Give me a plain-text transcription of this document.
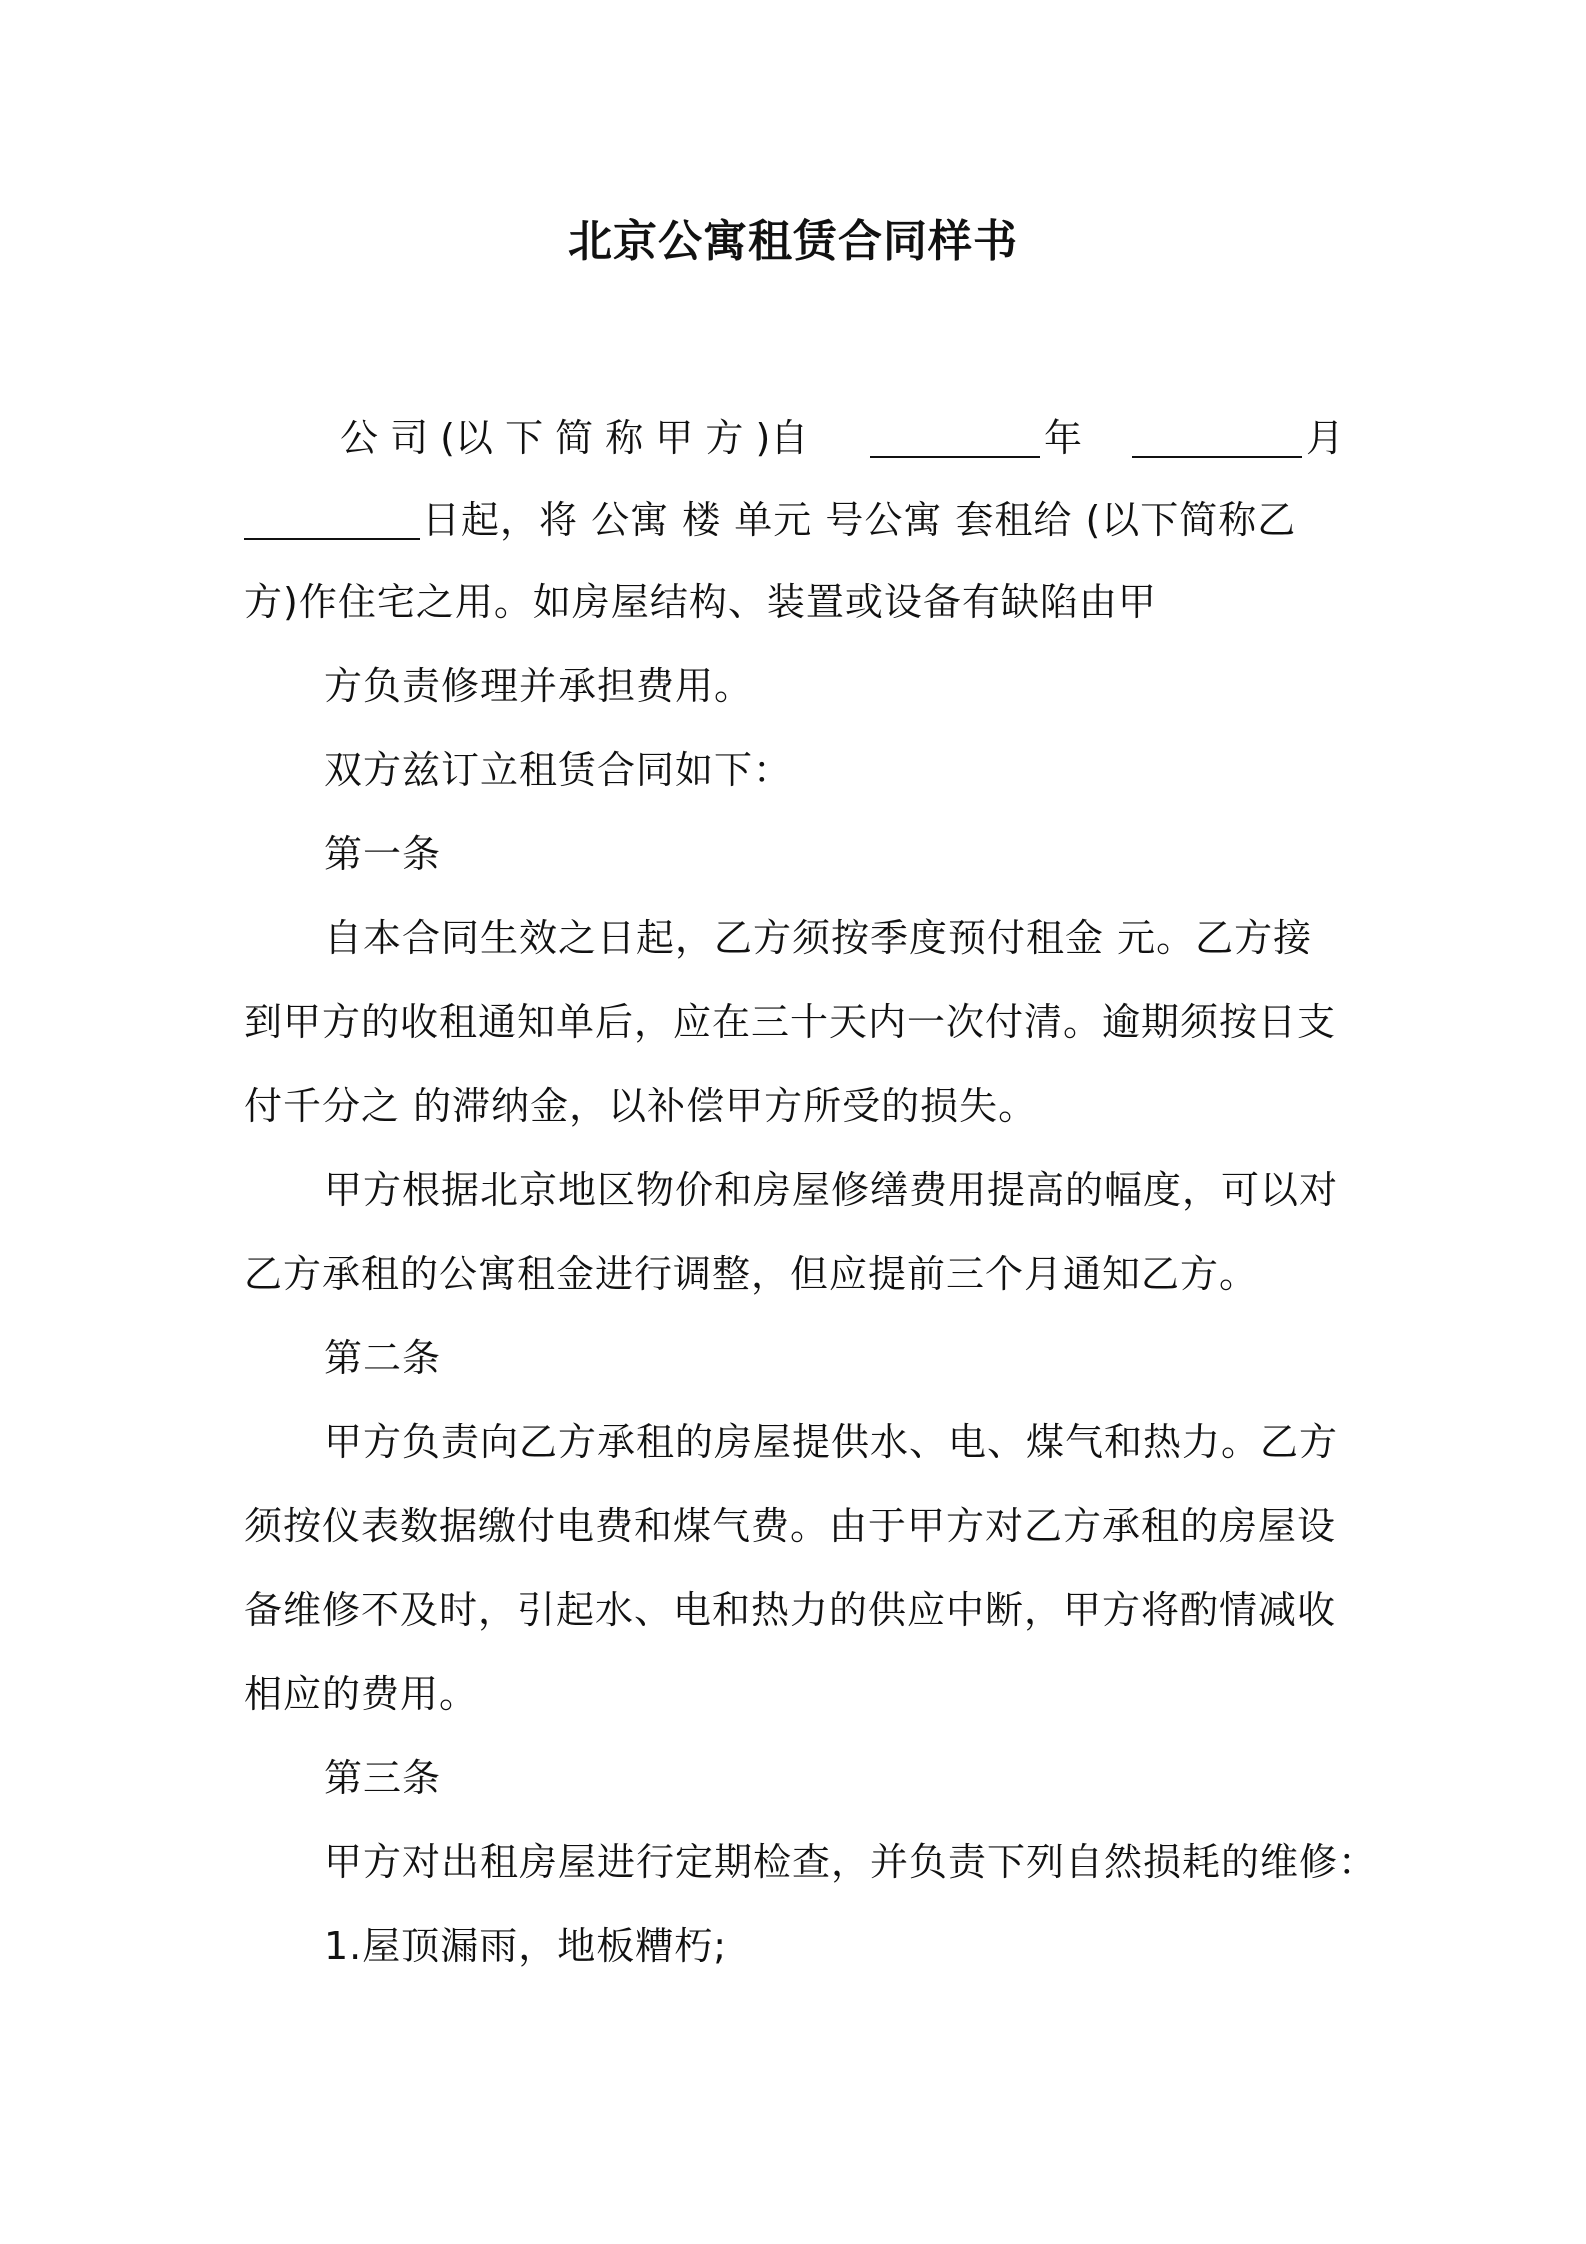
北京公寓租赁合同样书
公 司 (以 下 简 称 甲 方 )自	年	月
日起，将 公寓 楼 单元 号公寓 套租给 (以下简称乙
方)作住宅之用。如房屋结构、装置或设备有缺陷由甲
方负责修理并承担费用。
双方兹订立租赁合同如下：
第一条
自本合同生效之日起，乙方须按季度预付租金 元。乙方接
到甲方的收租通知单后，应在三十天内一次付清。逾期须按日支
付千分之 的滞纳金，以补偿甲方所受的损失。
甲方根据北京地区物价和房屋修缮费用提高的幅度，可以对
乙方承租的公寓租金进行调整，但应提前三个月通知乙方。
第二条
甲方负责向乙方承租的房屋提供水、电、煤气和热力。乙方
须按仪表数据缴付电费和煤气费。由于甲方对乙方承租的房屋设
备维修不及时，引起水、电和热力的供应中断，甲方将酌情减收
相应的费用。
第三条
甲方对出租房屋进行定期检查，并负责下列自然损耗的维修：
1.屋顶漏雨，地板糟朽;
